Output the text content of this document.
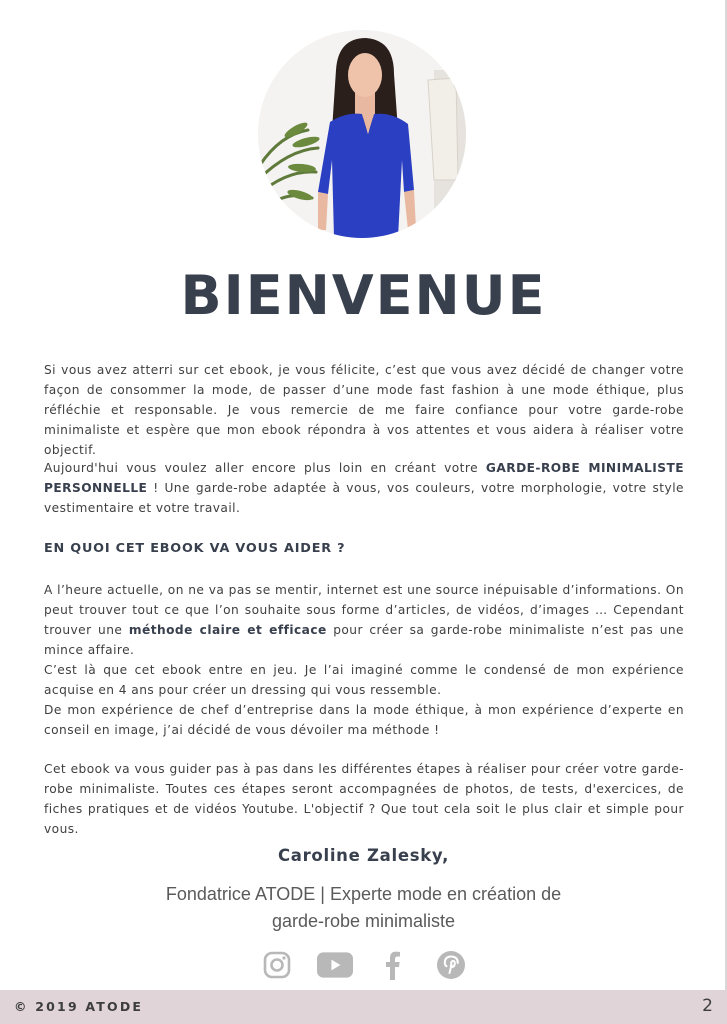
BIENVENUE

Si vous avez atterri sur cet ebook, je vous félicite, c’est que vous avez décidé de changer votre façon de consommer la mode, de passer d’une mode fast fashion à une mode éthique, plus réfléchie et responsable. Je vous remercie de me faire confiance pour votre garde-robe minimaliste et espère que mon ebook répondra à vos attentes et vous aidera à réaliser votre objectif.

Aujourd'hui vous voulez aller encore plus loin en créant votre GARDE-ROBE MINIMALISTE PERSONNELLE ! Une garde-robe adaptée à vous, vos couleurs, votre morphologie, votre style vestimentaire et votre travail.

EN QUOI CET EBOOK VA VOUS AIDER ?

A l’heure actuelle, on ne va pas se mentir, internet est une source inépuisable d’informations. On peut trouver tout ce que l’on souhaite sous forme d’articles, de vidéos, d’images … Cependant trouver une méthode claire et efficace pour créer sa garde-robe minimaliste n’est pas une mince affaire.
C’est là que cet ebook entre en jeu. Je l’ai imaginé comme le condensé de mon expérience acquise en 4 ans pour créer un dressing qui vous ressemble.

De mon expérience de chef d’entreprise dans la mode éthique, à mon expérience d’experte en conseil en image, j’ai décidé de vous dévoiler ma méthode !

Cet ebook va vous guider pas à pas dans les différentes étapes à réaliser pour créer votre garde-robe minimaliste. Toutes ces étapes seront accompagnées de photos, de tests, d'exercices, de fiches pratiques et de vidéos Youtube. L'objectif ? Que tout cela soit le plus clair et simple pour vous.

Caroline Zalesky,
Fondatrice ATODE | Experte mode en création de garde-robe minimaliste
© 2019 ATODE	2
